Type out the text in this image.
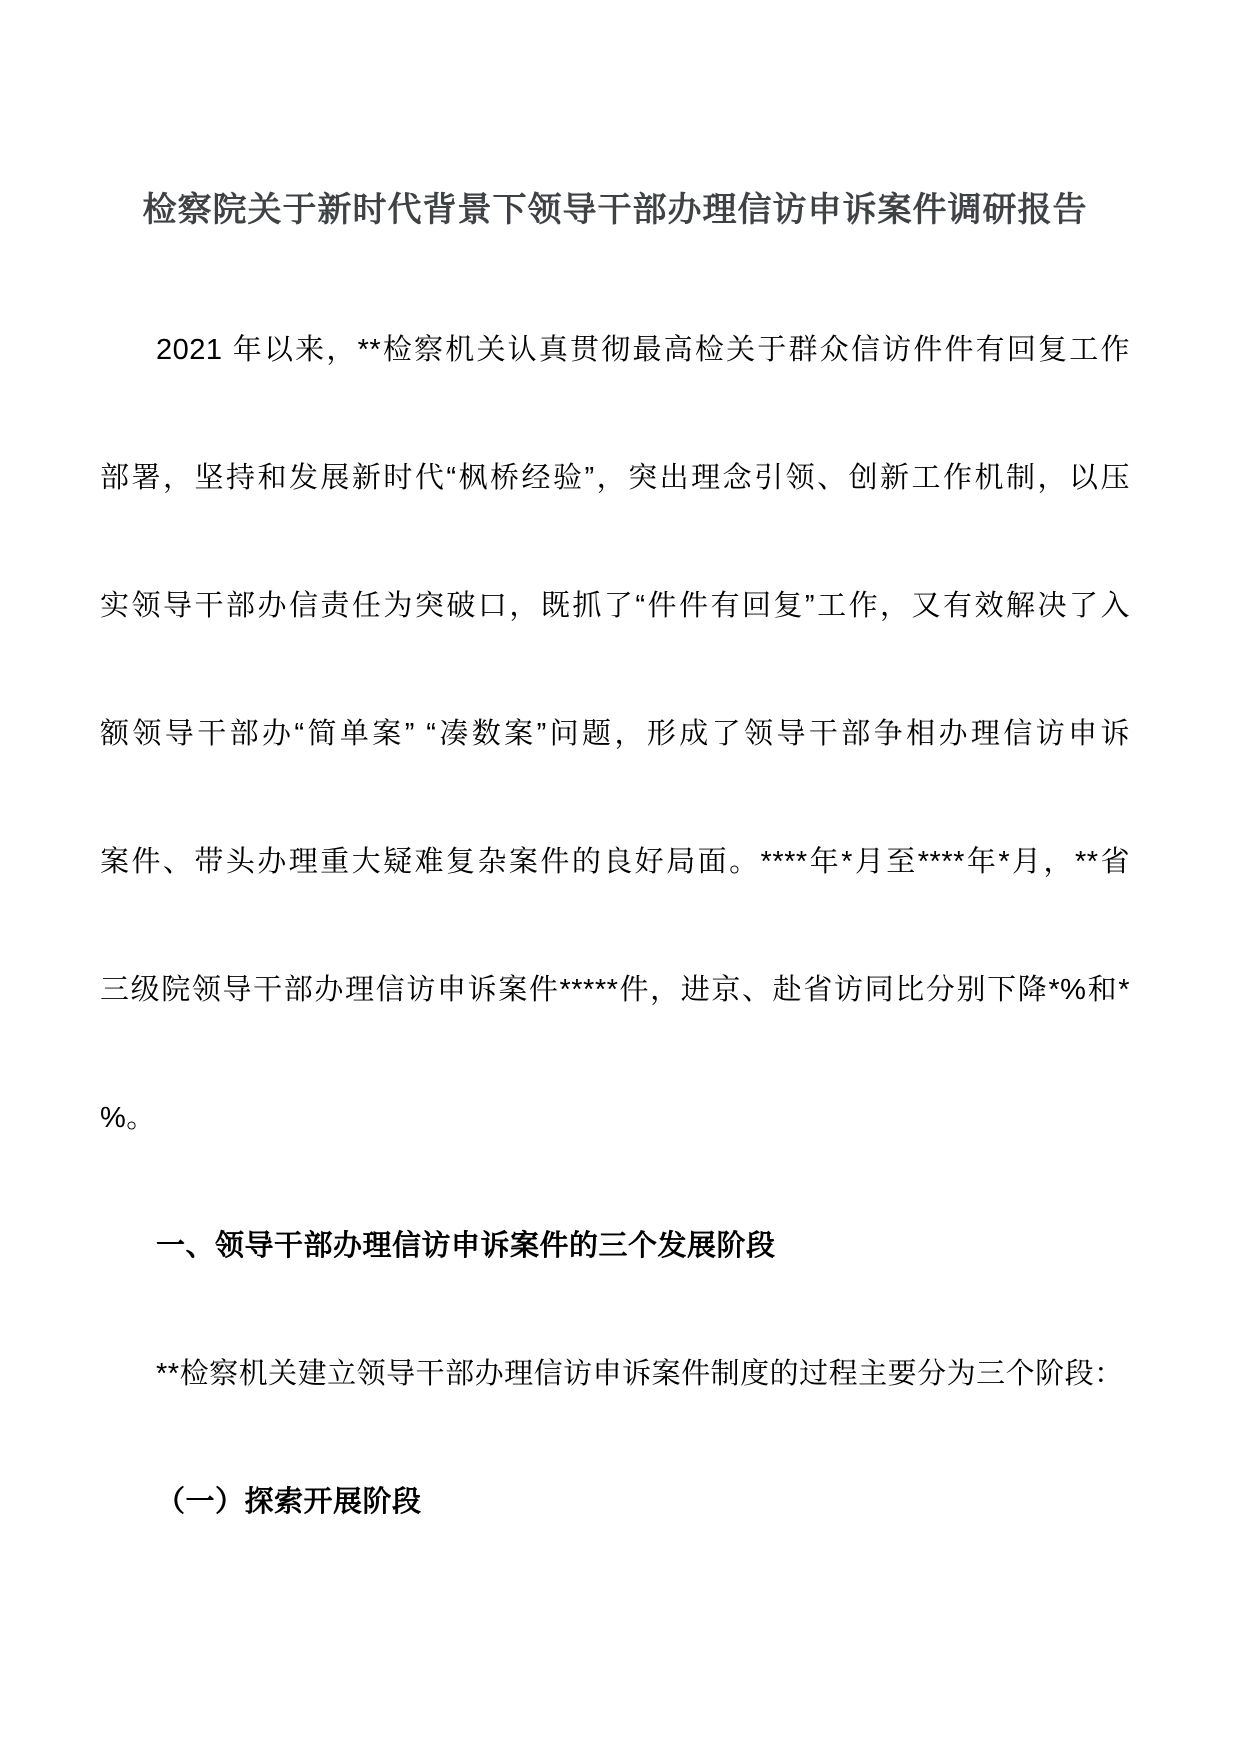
检察院关于新时代背景下领导干部办理信访申诉案件调研报告
2021 年以来，**检察机关认真贯彻最高检关于群众信访件件有回复工作
部署，坚持和发展新时代“枫桥经验”，突出理念引领、创新工作机制，以压
实领导干部办信责任为突破口，既抓了“件件有回复”工作，又有效解决了入
额领导干部办“简单案” “凑数案”问题，形成了领导干部争相办理信访申诉
案件、带头办理重大疑难复杂案件的良好局面。****年*月至****年*月，**省
三级院领导干部办理信访申诉案件*****件，进京、赴省访同比分别下降*%和*
%。
一、领导干部办理信访申诉案件的三个发展阶段
**检察机关建立领导干部办理信访申诉案件制度的过程主要分为三个阶段：
（一）探索开展阶段
